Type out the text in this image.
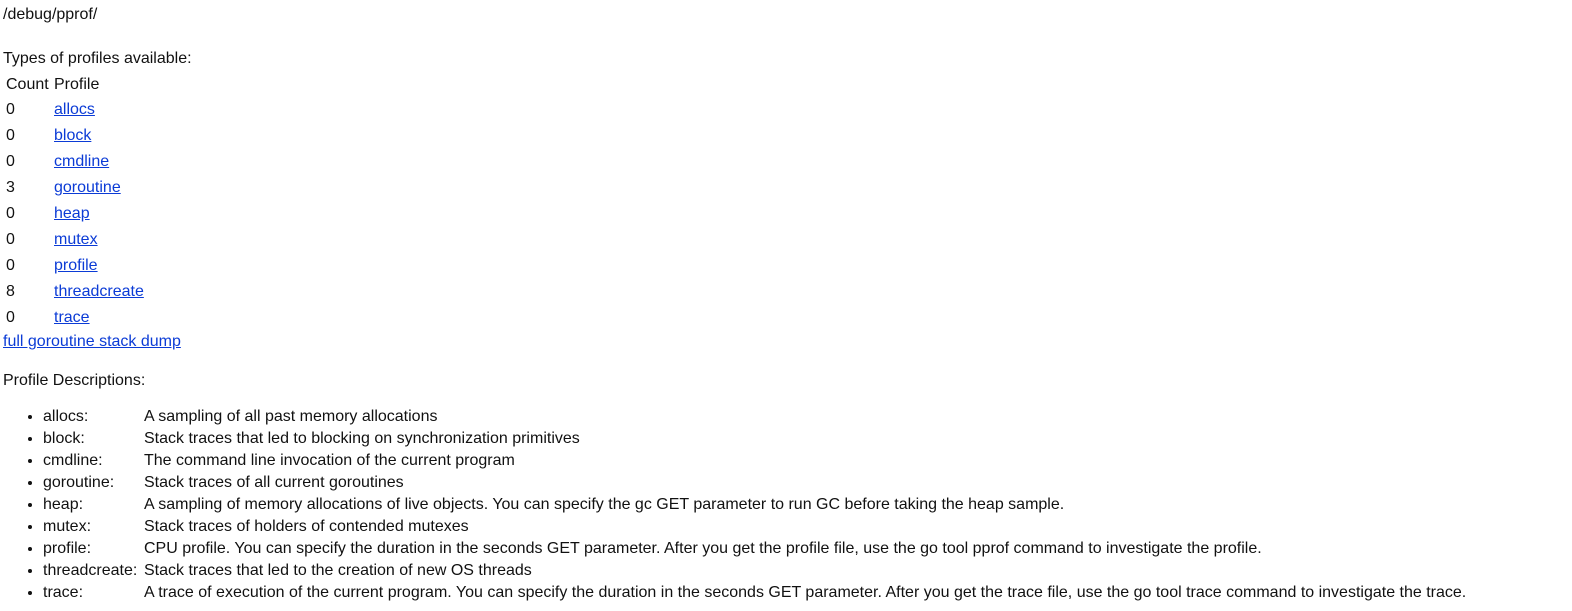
/debug/pprof/
Types of profiles available:
Count	Profile
0	allocs
0	block
0	cmdline
3	goroutine
0	heap
0	mutex
0	profile
8	threadcreate
0	trace
full goroutine stack dump
Profile Descriptions:
• allocs:	A sampling of all past memory allocations
• block:	Stack traces that led to blocking on synchronization primitives
• cmdline:	The command line invocation of the current program
• goroutine: Stack traces of all current goroutines
• heap:	A sampling of memory allocations of live objects. You can specify the gc GET parameter to run GC before taking the heap sample.
• mutex:	Stack traces of holders of contended mutexes
• profile:	CPU profile. You can specify the duration in the seconds GET parameter. After you get the profile file, use the go tool pprof command to investigate the profile.
• threadcreate: Stack traces that led to the creation of new OS threads
• trace:	A trace of execution of the current program. You can specify the duration in the seconds GET parameter. After you get the trace file, use the go tool trace command to investigate the trace.
